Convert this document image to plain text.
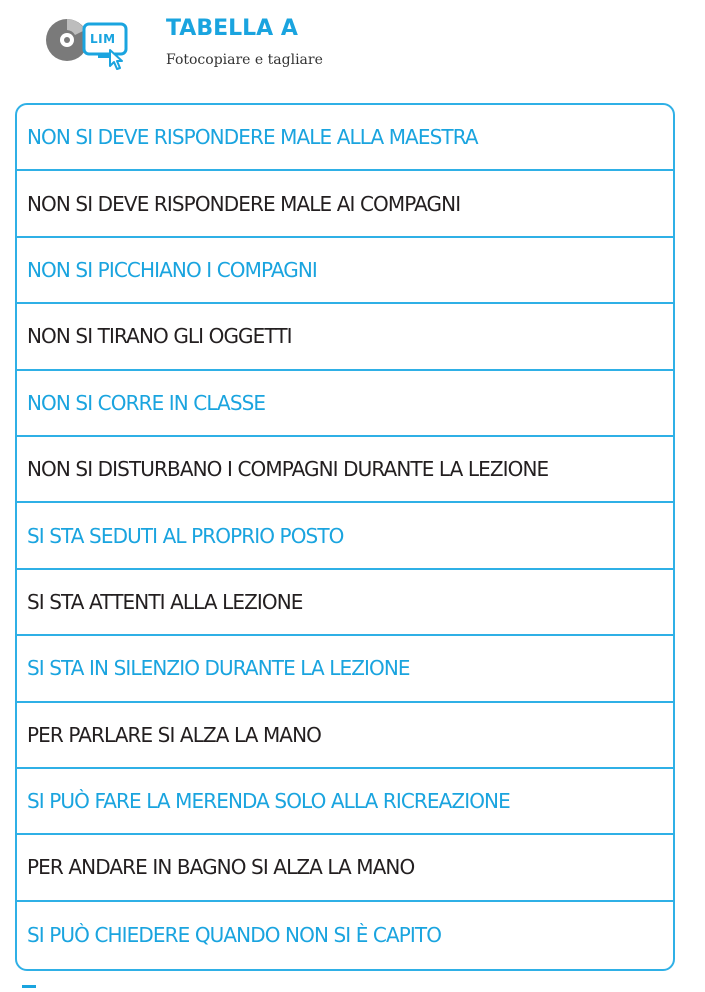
LIM TABELLA A
Fotocopiare e tagliare
NON SI DEVE RISPONDERE MALE ALLA MAESTRA
NON SI DEVE RISPONDERE MALE AI COMPAGNI
NON SI PICCHIANO I COMPAGNI
NON SI TIRANO GLI OGGETTI
NON SI CORRE IN CLASSE
NON SI DISTURBANO I COMPAGNI DURANTE LA LEZIONE
SI STA SEDUTI AL PROPRIO POSTO
SI STA ATTENTI ALLA LEZIONE
SI STA IN SILENZIO DURANTE LA LEZIONE
PER PARLARE SI ALZA LA MANO
SI PUÒ FARE LA MERENDA SOLO ALLA RICREAZIONE
PER ANDARE IN BAGNO SI ALZA LA MANO
SI PUÒ CHIEDERE QUANDO NON SI È CAPITO
